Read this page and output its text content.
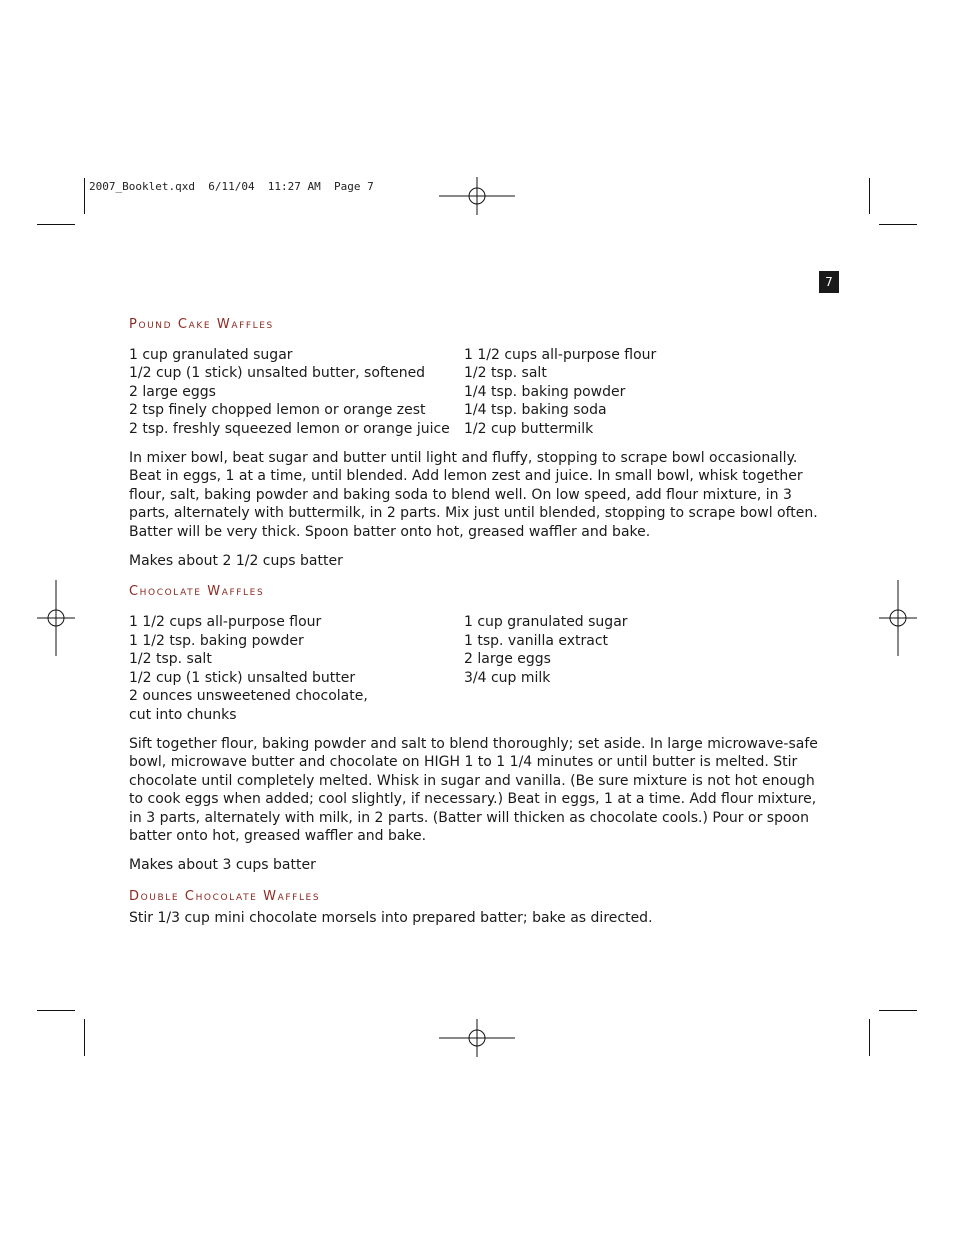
2007_Booklet.qxd  6/11/04  11:27 AM  Page 7
7
Pound Cake Waffles
1 cup granulated sugar
1/2 cup (1 stick) unsalted butter, softened
2 large eggs
2 tsp finely chopped lemon or orange zest
2 tsp. freshly squeezed lemon or orange juice
1 1/2 cups all-purpose flour
1/2 tsp. salt
1/4 tsp. baking powder
1/4 tsp. baking soda
1/2 cup buttermilk

In mixer bowl, beat sugar and butter until light and fluffy, stopping to scrape bowl occasionally. Beat in eggs, 1 at a time, until blended. Add lemon zest and juice. In small bowl, whisk together flour, salt, baking powder and baking soda to blend well. On low speed, add flour mixture, in 3 parts, alternately with buttermilk, in 2 parts. Mix just until blended, stopping to scrape bowl often. Batter will be very thick. Spoon batter onto hot, greased waffler and bake.

Makes about 2 1/2 cups batter

Chocolate Waffles
1 1/2 cups all-purpose flour
1 1/2 tsp. baking powder
1/2 tsp. salt
1/2 cup (1 stick) unsalted butter
2 ounces unsweetened chocolate,
cut into chunks
1 cup granulated sugar
1 tsp. vanilla extract
2 large eggs
3/4 cup milk

Sift together flour, baking powder and salt to blend thoroughly; set aside. In large microwave-safe bowl, microwave butter and chocolate on HIGH 1 to 1 1/4 minutes or until butter is melted. Stir chocolate until completely melted. Whisk in sugar and vanilla. (Be sure mixture is not hot enough to cook eggs when added; cool slightly, if necessary.) Beat in eggs, 1 at a time. Add flour mixture, in 3 parts, alternately with milk, in 2 parts. (Batter will thicken as chocolate cools.) Pour or spoon batter onto hot, greased waffler and bake.

Makes about 3 cups batter

Double Chocolate Waffles

Stir 1/3 cup mini chocolate morsels into prepared batter; bake as directed.
